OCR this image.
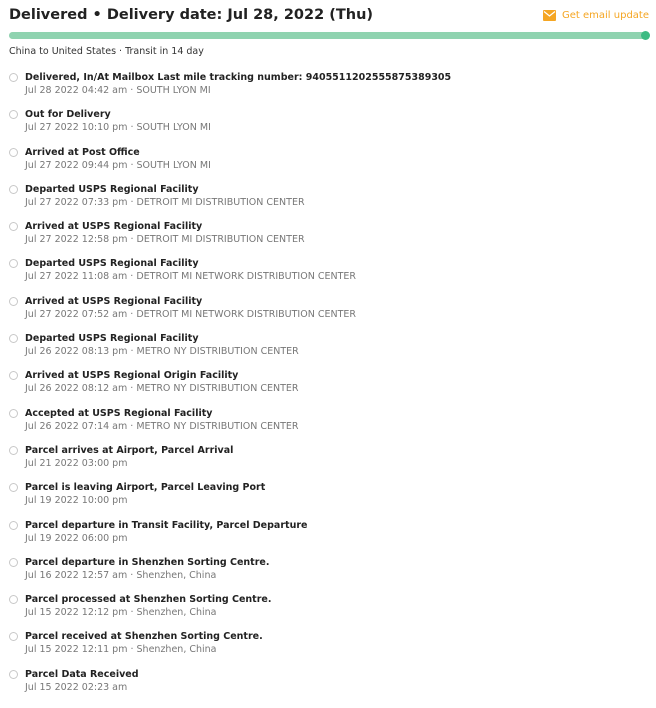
Delivered • Delivery date: Jul 28, 2022 (Thu)	Get email update
China to United States · Transit in 14 day
Delivered, In/At Mailbox Last mile tracking number: 9405511202555875389305
Jul 28 2022 04:42 am · SOUTH LYON MI
Out for Delivery
Jul 27 2022 10:10 pm · SOUTH LYON MI
Arrived at Post Office
Jul 27 2022 09:44 pm · SOUTH LYON MI
Departed USPS Regional Facility
Jul 27 2022 07:33 pm · DETROIT MI DISTRIBUTION CENTER
Arrived at USPS Regional Facility
Jul 27 2022 12:58 pm · DETROIT MI DISTRIBUTION CENTER
Departed USPS Regional Facility
Jul 27 2022 11:08 am · DETROIT MI NETWORK DISTRIBUTION CENTER
Arrived at USPS Regional Facility
Jul 27 2022 07:52 am · DETROIT MI NETWORK DISTRIBUTION CENTER
Departed USPS Regional Facility
Jul 26 2022 08:13 pm · METRO NY DISTRIBUTION CENTER
Arrived at USPS Regional Origin Facility
Jul 26 2022 08:12 am · METRO NY DISTRIBUTION CENTER
Accepted at USPS Regional Facility
Jul 26 2022 07:14 am · METRO NY DISTRIBUTION CENTER
Parcel arrives at Airport, Parcel Arrival
Jul 21 2022 03:00 pm
Parcel is leaving Airport, Parcel Leaving Port
Jul 19 2022 10:00 pm
Parcel departure in Transit Facility, Parcel Departure
Jul 19 2022 06:00 pm
Parcel departure in Shenzhen Sorting Centre.
Jul 16 2022 12:57 am · Shenzhen, China
Parcel processed at Shenzhen Sorting Centre.
Jul 15 2022 12:12 pm · Shenzhen, China
Parcel received at Shenzhen Sorting Centre.
Jul 15 2022 12:11 pm · Shenzhen, China
Parcel Data Received
Jul 15 2022 02:23 am
